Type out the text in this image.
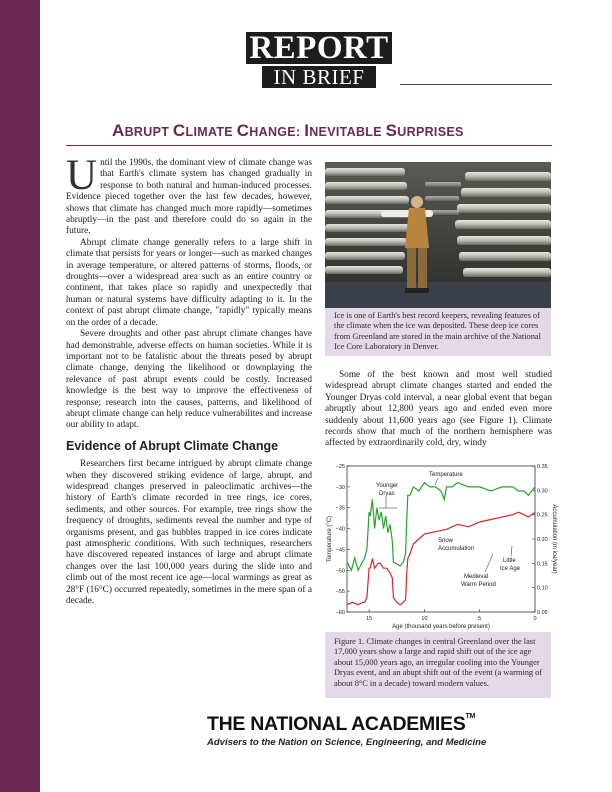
REPORT
IN BRIEF
ABRUPT CLIMATE CHANGE: INEVITABLE SURPRISES

Until the 1990s, the dominant view of climate change was that Earth's climate system has changed gradually in response to both natural and human-induced processes. Evidence pieced together over the last few decades, however, shows that climate has changed much more rapidly—sometimes abruptly—in the past and therefore could do so again in the future.

Abrupt climate change generally refers to a large shift in climate that persists for years or longer—such as marked changes in average temperature, or altered patterns of storms, floods, or droughts—over a widespread area such as an entire country or continent, that takes place so rapidly and unexpectedly that human or natural systems have difficulty adapting to it. In the context of past abrupt climate change, "rapidly" typically means on the order of a decade.

Severe droughts and other past abrupt climate changes have had demonstrable, adverse effects on human societies. While it is important not to be fatalistic about the threats posed by abrupt climate change, denying the likelihood or downplaying the relevance of past abrupt events could be costly. Increased knowledge is the best way to improve the effectiveness of response; research into the causes, patterns, and likelihood of abrupt climate change can help reduce vulnerabilites and increase our ability to adapt.

Evidence of Abrupt Climate Change

Researchers first became intrigued by abrupt climate change when they discovered striking evidence of large, abrupt, and widespread changes preserved in paleoclimatic archives—the history of Earth's climate recorded in tree rings, ice cores, sediments, and other sources. For example, tree rings show the frequency of droughts, sediments reveal the number and type of organisms present, and gas bubbles trapped in ice cores indicate past atmospheric conditions. With such techniques, researchers have discovered repeated instances of large and abrupt climate changes over the last 100,000 years during the slide into and climb out of the most recent ice age—local warmings as great as 28°F (16°C) occurred repeatedly, sometimes in the mere span of a decade.

Ice is one of Earth's best record keepers, revealing features of the climate when the ice was deposited. These deep ice cores from Greenland are stored in the main archive of the National Ice Core Laboratory in Denver.

Some of the best known and most well studied widespread abrupt climate changes started and ended the Younger Dryas cold interval, a near global event that began abruptly about 12,800 years ago and ended even more suddenly about 11,600 years ago (see Figure 1). Climate records show that much of the northern hemisphere was affected by extraordinarily cold, dry, windy

−25
−30
−35
−40
−45
−50
−55
−60
0.35
0.30
0.25
0.20
0.15
0.10
0.05
15	10	5	0
Temperature
Younger
Dryas
Snow
Accumulation
Little
Ice Age
Medieval
Warm Period
Age (thousand years before present)
Temperature (°C)	Accumulation (m ice/year)
Figure 1. Climate changes in central Greenland over the last 17,000 years show a large and rapid shift out of the ice age about 15,000 years ago, an irregular cooling into the Younger Dryas event, and an abupt shift out of the event (a warming of about 8°C in a decade) toward modern values.
THE NATIONAL ACADEMIES™
Advisers to the Nation on Science, Engineering, and Medicine
